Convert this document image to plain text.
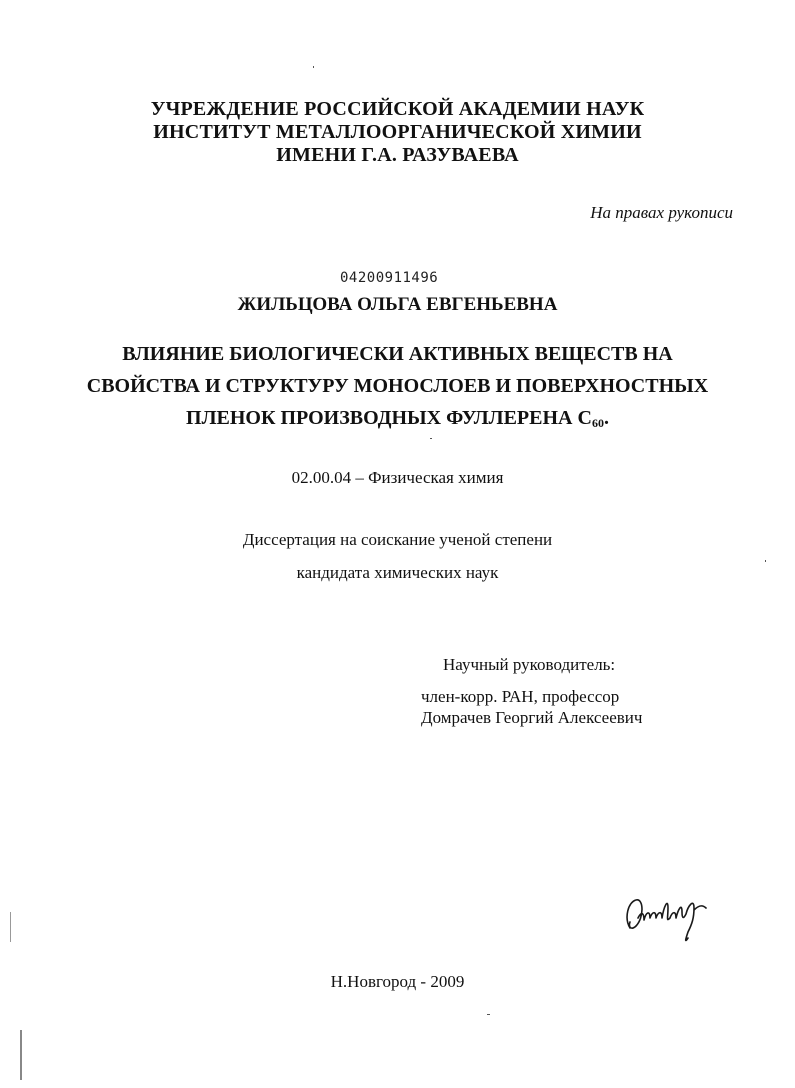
УЧРЕЖДЕНИЕ РОССИЙСКОЙ АКАДЕМИИ НАУК
ИНСТИТУТ МЕТАЛЛООРГАНИЧЕСКОЙ ХИМИИ
ИМЕНИ Г.А. РАЗУВАЕВА
На правах рукописи
04200911496
ЖИЛЬЦОВА ОЛЬГА ЕВГЕНЬЕВНА
ВЛИЯНИЕ БИОЛОГИЧЕСКИ АКТИВНЫХ ВЕЩЕСТВ НА
СВОЙСТВА И СТРУКТУРУ МОНОСЛОЕВ И ПОВЕРХНОСТНЫХ
ПЛЕНОК ПРОИЗВОДНЫХ ФУЛЛЕРЕНА $С_{60}$.
02.00.04 – Физическая химия
Диссертация на соискание ученой степени
кандидата химических наук
Научный руководитель:
член-корр. РАН, профессор
Домрачев Георгий Алексеевич
Н.Новгород - 2009
